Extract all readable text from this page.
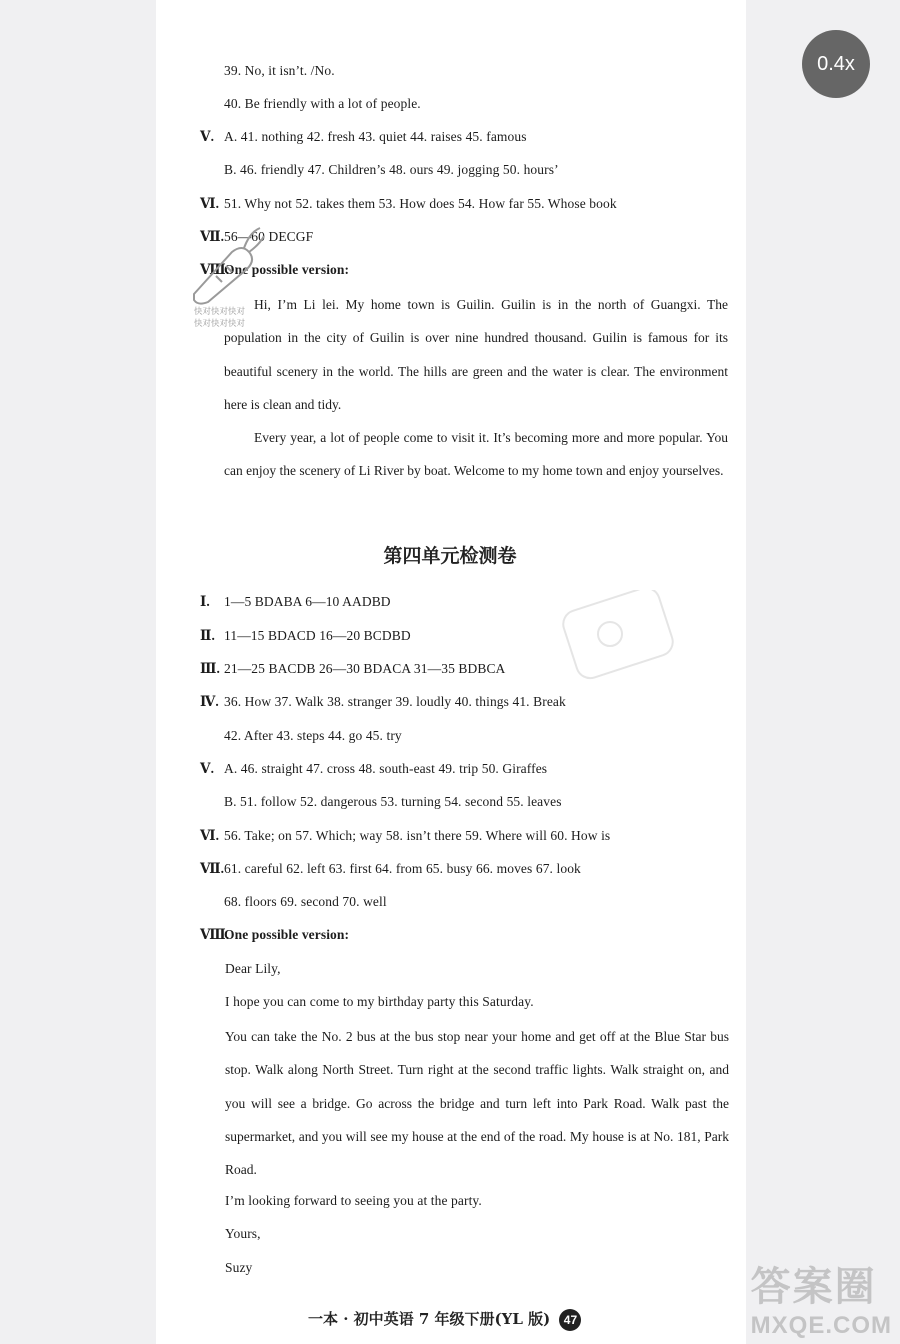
0.4x
39. No, it isn’t. /No.
40. Be friendly with a lot of people.
Ⅴ. A. 41. nothing 42. fresh 43. quiet 44. raises 45. famous
B. 46. friendly 47. Children’s 48. ours 49. jogging 50. hours’
Ⅵ. 51. Why not 52. takes them 53. How does 54. How far 55. Whose book
Ⅶ.56—60 DECGF
Ⅷ.One possible version:
快对快对快对 快对快对快对
Hi, I’m Li lei. My home town is Guilin. Guilin is in the north of Guangxi. The population in the city of Guilin is over nine hundred thousand. Guilin is famous for its beautiful scenery in the world. The hills are green and the water is clear. The environment here is clean and tidy.
Every year, a lot of people come to visit it. It’s becoming more and more popular. You can enjoy the scenery of Li River by boat. Welcome to my home town and enjoy yourselves.
第四单元检测卷
Ⅰ. 1—5 BDABA 6—10 AADBD
Ⅱ. 11—15 BDACD 16—20 BCDBD
Ⅲ. 21—25 BACDB 26—30 BDACA 31—35 BDBCA
Ⅳ. 36. How 37. Walk 38. stranger 39. loudly 40. things 41. Break
42. After 43. steps 44. go 45. try
Ⅴ. A. 46. straight 47. cross 48. south-east 49. trip 50. Giraffes
B. 51. follow 52. dangerous 53. turning 54. second 55. leaves
Ⅵ. 56. Take; on 57. Which; way 58. isn’t there 59. Where will 60. How is
Ⅶ.61. careful 62. left 63. first 64. from 65. busy 66. moves 67. look
68. floors 69. second 70. well
Ⅷ.One possible version:
Dear Lily,
I hope you can come to my birthday party this Saturday.
You can take the No. 2 bus at the bus stop near your home and get off at the Blue Star bus stop. Walk along North Street. Turn right at the second traffic lights. Walk straight on, and you will see a bridge. Go across the bridge and turn left into Park Road. Walk past the supermarket, and you will see my house at the end of the road. My house is at No. 181, Park Road.
I’m looking forward to seeing you at the party.
Yours,
Suzy
一本 · 初中英语 7 年级下册(YL 版) 47
答案圈
MXQE.COM
